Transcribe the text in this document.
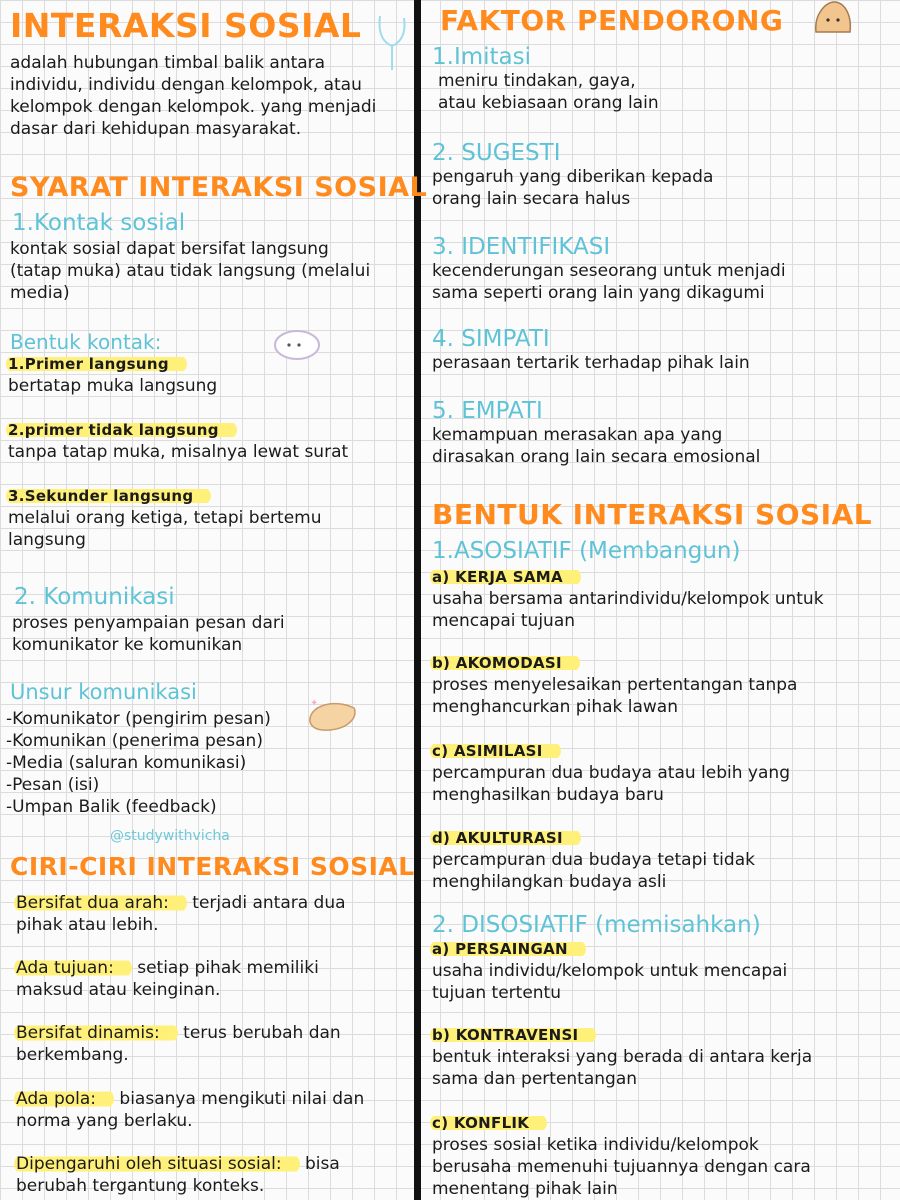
INTERAKSI SOSIAL
adalah hubungan timbal balik antara
individu, individu dengan kelompok, atau
kelompok dengan kelompok. yang menjadi
dasar dari kehidupan masyarakat.
SYARAT INTERAKSI SOSIAL
1.Kontak sosial
kontak sosial dapat bersifat langsung
(tatap muka) atau tidak langsung (melalui
media)
Bentuk kontak:
1.Primer langsung
bertatap muka langsung
2.primer tidak langsung
tanpa tatap muka, misalnya lewat surat
3.Sekunder langsung
melalui orang ketiga, tetapi bertemu
langsung
2. Komunikasi
proses penyampaian pesan dari
komunikator ke komunikan
Unsur komunikasi	✦
-Komunikator (pengirim pesan)
-Komunikan (penerima pesan)
-Media (saluran komunikasi)
-Pesan (isi)
-Umpan Balik (feedback)
@studywithvicha
CIRI-CIRI INTERAKSI SOSIAL
Bersifat dua arah: terjadi antara dua
pihak atau lebih.
Ada tujuan: setiap pihak memiliki
maksud atau keinginan.
Bersifat dinamis: terus berubah dan
berkembang.
Ada pola: biasanya mengikuti nilai dan
norma yang berlaku.
Dipengaruhi oleh situasi sosial: bisa
berubah tergantung konteks.
FAKTOR PENDORONG
1.Imitasi
meniru tindakan, gaya,
atau kebiasaan orang lain
2. SUGESTI
pengaruh yang diberikan kepada
orang lain secara halus
3. IDENTIFIKASI
kecenderungan seseorang untuk menjadi
sama seperti orang lain yang dikagumi
4. SIMPATI
perasaan tertarik terhadap pihak lain
5. EMPATI
kemampuan merasakan apa yang
dirasakan orang lain secara emosional
BENTUK INTERAKSI SOSIAL
1.ASOSIATIF (Membangun)
a) KERJA SAMA
usaha bersama antarindividu/kelompok untuk
mencapai tujuan
b) AKOMODASI
proses menyelesaikan pertentangan tanpa
menghancurkan pihak lawan
c) ASIMILASI
percampuran dua budaya atau lebih yang
menghasilkan budaya baru
d) AKULTURASI
percampuran dua budaya tetapi tidak
menghilangkan budaya asli
2. DISOSIATIF (memisahkan)
a) PERSAINGAN
usaha individu/kelompok untuk mencapai
tujuan tertentu
b) KONTRAVENSI
bentuk interaksi yang berada di antara kerja
sama dan pertentangan
c) KONFLIK
proses sosial ketika individu/kelompok
berusaha memenuhi tujuannya dengan cara
menentang pihak lain
